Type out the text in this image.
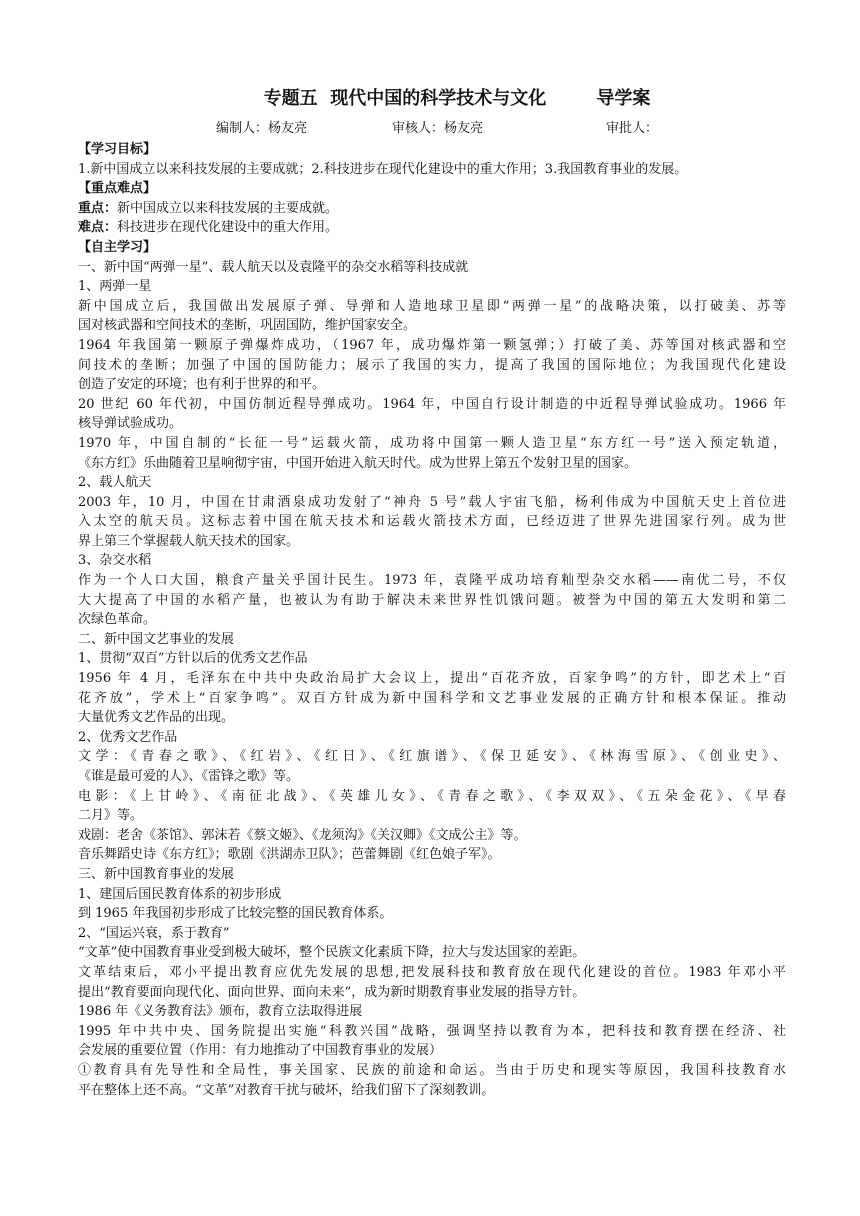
专题五  现代中国的科学技术与文化        导学案
编制人：杨友亮	审核人：杨友亮	审批人：

【学习目标】

1.新中国成立以来科技发展的主要成就；2.科技进步在现代化建设中的重大作用；3.我国教育事业的发展。

【重点难点】

重点：新中国成立以来科技发展的主要成就。

难点：科技进步在现代化建设中的重大作用。

【自主学习】

一、新中国“两弹一星”、载人航天以及袁隆平的杂交水稻等科技成就

1、两弹一星

新中国成立后，我国做出发展原子弹、导弹和人造地球卫星即“两弹一星”的战略决策，以打破美、苏等

国对核武器和空间技术的垄断，巩固国防，维护国家安全。

1964 年我国第一颗原子弹爆炸成功，（1967 年，成功爆炸第一颗氢弹；）打破了美、苏等国对核武器和空

间技术的垄断；加强了中国的国防能力；展示了我国的实力，提高了我国的国际地位；为我国现代化建设

创造了安定的环境；也有利于世界的和平。

20 世纪 60 年代初，中国仿制近程导弹成功。1964 年，中国自行设计制造的中近程导弹试验成功。1966 年

核导弹试验成功。

1970 年，中国自制的“长征一号”运载火箭，成功将中国第一颗人造卫星“东方红一号”送入预定轨道，

《东方红》乐曲随着卫星响彻宇宙，中国开始进入航天时代。成为世界上第五个发射卫星的国家。

2、载人航天

2003 年，10 月，中国在甘肃酒泉成功发射了“神舟 5 号”载人宇宙飞船，杨利伟成为中国航天史上首位进

入太空的航天员。这标志着中国在航天技术和运载火箭技术方面，已经迈进了世界先进国家行列。成为世

界上第三个掌握载人航天技术的国家。

3、杂交水稻

作为一个人口大国，粮食产量关乎国计民生。1973 年，袁隆平成功培育籼型杂交水稻——南优二号，不仅

大大提高了中国的水稻产量，也被认为有助于解决未来世界性饥饿问题。被誉为中国的第五大发明和第二

次绿色革命。

二、新中国文艺事业的发展

1、贯彻“双百”方针以后的优秀文艺作品

1956 年 4 月，毛泽东在中共中央政治局扩大会议上，提出“百花齐放，百家争鸣”的方针，即艺术上“百

花齐放”，学术上“百家争鸣”。双百方针成为新中国科学和文艺事业发展的正确方针和根本保证。推动

大量优秀文艺作品的出现。

2、优秀文艺作品

文学：《青春之歌》、《红岩》、《红日》、《红旗谱》、《保卫延安》、《林海雪原》、《创业史》、

《谁是最可爱的人》、《雷锋之歌》等。

电影：《上甘岭》、《南征北战》、《英雄儿女》、《青春之歌》、《李双双》、《五朵金花》、《早春

二月》等。

戏剧：老舍《茶馆》、郭沫若《蔡文姬》、《龙须沟》《关汉卿》《文成公主》等。

音乐舞蹈史诗《东方红》；歌剧《洪湖赤卫队》；芭蕾舞剧《红色娘子军》。

三、新中国教育事业的发展

1、建国后国民教育体系的初步形成

到 1965 年我国初步形成了比较完整的国民教育体系。

2、“国运兴衰，系于教育”

“文革”使中国教育事业受到极大破坏，整个民族文化素质下降，拉大与发达国家的差距。

文革结束后，邓小平提出教育应优先发展的思想,把发展科技和教育放在现代化建设的首位。1983 年邓小平

提出“教育要面向现代化、面向世界、面向未来”，成为新时期教育事业发展的指导方针。

1986 年《义务教育法》颁布，教育立法取得进展

1995 年中共中央、国务院提出实施“科教兴国”战略，强调坚持以教育为本，把科技和教育摆在经济、社

会发展的重要位置（作用：有力地推动了中国教育事业的发展）

①教育具有先导性和全局性，事关国家、民族的前途和命运。当由于历史和现实等原因，我国科技教育水

平在整体上还不高。“文革”对教育干扰与破坏，给我们留下了深刻教训。
